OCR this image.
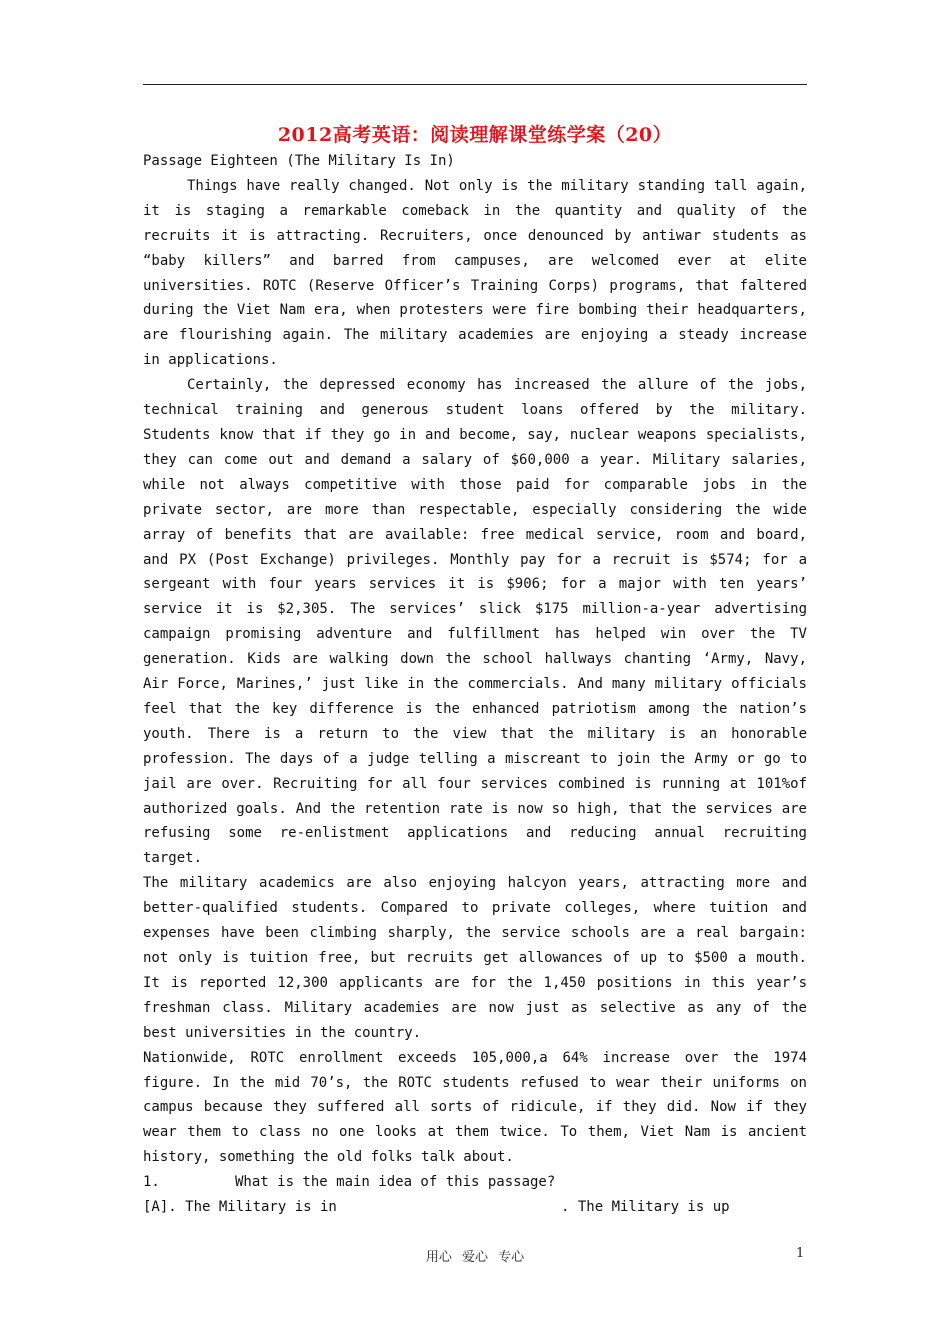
2012高考英语：阅读理解课堂练学案（20）

Passage Eighteen (The Military Is In)

Things have really changed. Not only is the military standing tall again, it is staging a remarkable comeback in the quantity and quality of the recruits it is attracting. Recruiters, once denounced by antiwar students as “baby killers” and barred from campuses, are welcomed ever at elite universities. ROTC (Reserve Officer’s Training Corps) programs, that faltered during the Viet Nam era, when protesters were fire bombing their headquarters, are flourishing again. The military academies are enjoying a steady increase in applications.

Certainly, the depressed economy has increased the allure of the jobs, technical training and generous student loans offered by the military. Students know that if they go in and become, say, nuclear weapons specialists, they can come out and demand a salary of $60,000 a year. Military salaries, while not always competitive with those paid for comparable jobs in the private sector, are more than respectable, especially considering the wide array of benefits that are available: free medical service, room and board, and PX (Post Exchange) privileges. Monthly pay for a recruit is $574; for a sergeant with four years services it is $906; for a major with ten years’ service it is $2,305. The services’ slick $175 million-a-year advertising campaign promising adventure and fulfillment has helped win over the TV generation. Kids are walking down the school hallways chanting ‘Army, Navy, Air Force, Marines,’ just like in the commercials. And many military officials feel that the key difference is the enhanced patriotism among the nation’s youth. There is a return to the view that the military is an honorable profession. The days of a judge telling a miscreant to join the Army or go to jail are over. Recruiting for all four services combined is running at 101%of authorized goals. And the retention rate is now so high, that the services are refusing some re-enlistment applications and reducing annual recruiting target.

The military academics are also enjoying halcyon years, attracting more and better-qualified students. Compared to private colleges, where tuition and expenses have been climbing sharply, the service schools are a real bargain: not only is tuition free, but recruits get allowances of up to $500 a mouth. It is reported 12,300 applicants are for the 1,450 positions in this year’s freshman class. Military academies are now just as selective as any of the best universities in the country.

Nationwide, ROTC enrollment exceeds 105,000,a 64% increase over the 1974 figure. In the mid 70’s, the ROTC students refused to wear their uniforms on campus because they suffered all sorts of ridicule, if they did. Now if they wear them to class no one looks at them twice. To them, Viet Nam is ancient history, something the old folks talk about.

1.	What is the main idea of this passage?
[A]. The Military is in	. The Military is up
用心 爱心 专心	1
